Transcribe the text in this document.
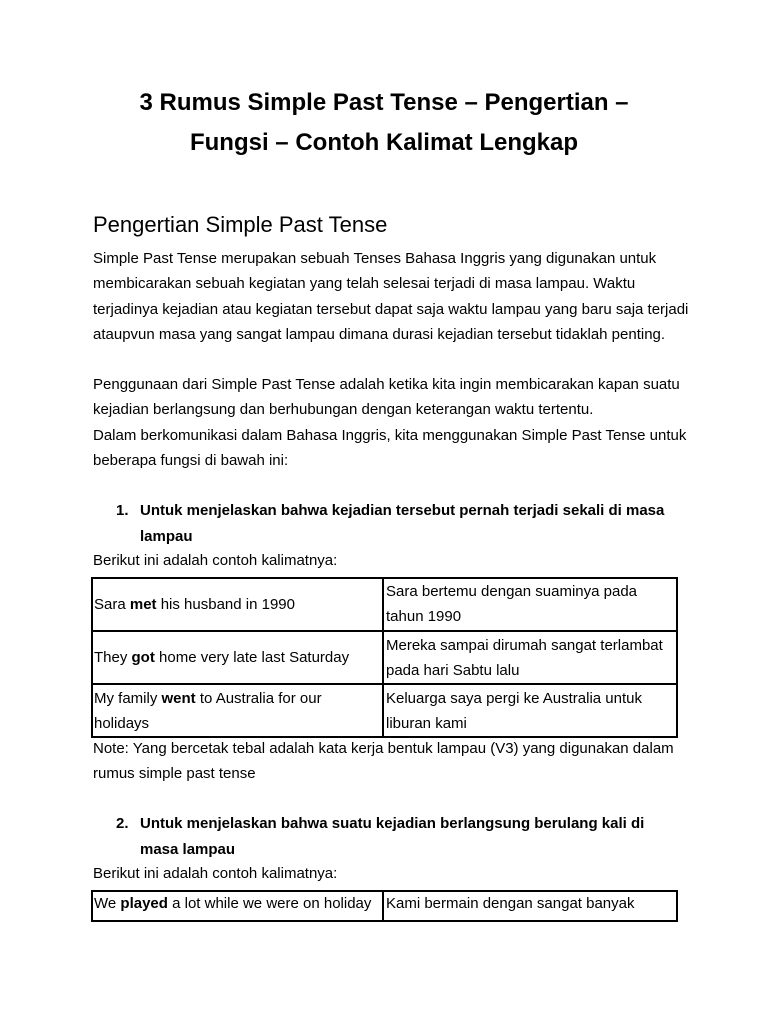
3 Rumus Simple Past Tense – Pengertian –
Fungsi – Contoh Kalimat Lengkap
Pengertian Simple Past Tense

Simple Past Tense merupakan sebuah Tenses Bahasa Inggris yang digunakan untuk membicarakan sebuah kegiatan yang telah selesai terjadi di masa lampau. Waktu terjadinya kejadian atau kegiatan tersebut dapat saja waktu lampau yang baru saja terjadi ataupvun masa yang sangat lampau dimana durasi kejadian tersebut tidaklah penting.

Penggunaan dari Simple Past Tense adalah ketika kita ingin membicarakan kapan suatu kejadian berlangsung dan berhubungan dengan keterangan waktu tertentu.

Dalam berkomunikasi dalam Bahasa Inggris, kita menggunakan Simple Past Tense untuk beberapa fungsi di bawah ini:

1. Untuk menjelaskan bahwa kejadian tersebut pernah terjadi sekali di masa lampau

Berikut ini adalah contoh kalimatnya:

Sara met his husband in 1990	Sara bertemu dengan suaminya pada tahun 1990
They got home very late last Saturday	Mereka sampai dirumah sangat terlambat pada hari Sabtu lalu
My family went to Australia for our holidays	Keluarga saya pergi ke Australia untuk liburan kami

Note: Yang bercetak tebal adalah kata kerja bentuk lampau (V3) yang digunakan dalam rumus simple past tense

2. Untuk menjelaskan bahwa suatu kejadian berlangsung berulang kali di masa lampau

Berikut ini adalah contoh kalimatnya:

We played a lot while we were on holiday	Kami bermain dengan sangat banyak
